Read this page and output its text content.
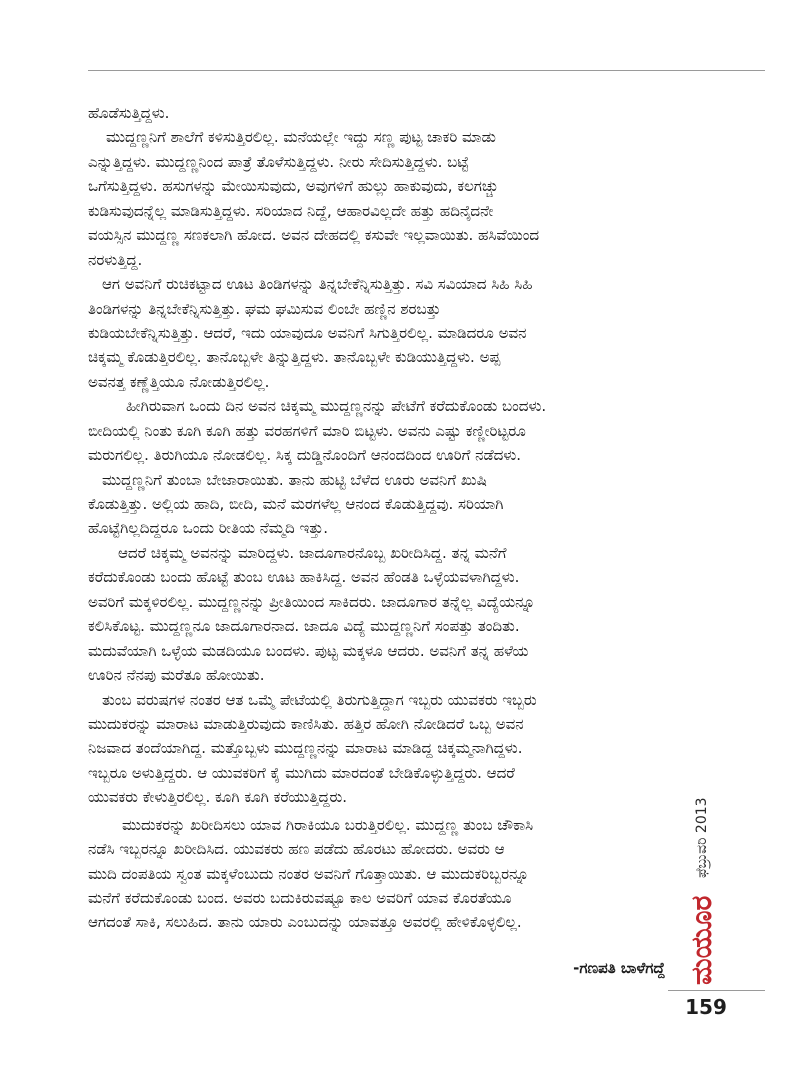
ಹೊಡೆಸುತ್ತಿದ್ದಳು.
ಮುದ್ದಣ್ಣನಿಗೆ ಶಾಲೆಗೆ ಕಳಿಸುತ್ತಿರಲಿಲ್ಲ. ಮನೆಯಲ್ಲೇ ಇದ್ದು ಸಣ್ಣ ಪುಟ್ಟ ಚಾಕರಿ ಮಾಡು
ಎನ್ನುತ್ತಿದ್ದಳು. ಮುದ್ದಣ್ಣನಿಂದ ಪಾತ್ರೆ ತೊಳೆಸುತ್ತಿದ್ದಳು. ನೀರು ಸೇದಿಸುತ್ತಿದ್ದಳು. ಬಟ್ಟೆ
ಒಗೆಸುತ್ತಿದ್ದಳು. ಹಸುಗಳನ್ನು ಮೇಯಿಸುವುದು, ಅವುಗಳಿಗೆ ಹುಲ್ಲು ಹಾಕುವುದು, ಕಲಗಚ್ಚು
ಕುಡಿಸುವುದನ್ನೆಲ್ಲ ಮಾಡಿಸುತ್ತಿದ್ದಳು. ಸರಿಯಾದ ನಿದ್ದೆ, ಆಹಾರವಿಲ್ಲದೇ ಹತ್ತು ಹದಿನೈದನೇ
ವಯಸ್ಸಿನ ಮುದ್ದಣ್ಣ ಸಣಕಲಾಗಿ ಹೋದ. ಅವನ ದೇಹದಲ್ಲಿ ಕಸುವೇ ಇಲ್ಲವಾಯಿತು. ಹಸಿವೆಯಿಂದ
ನರಳುತ್ತಿದ್ದ.
ಆಗ ಅವನಿಗೆ ರುಚಿಕಟ್ಟಾದ ಊಟ ತಿಂಡಿಗಳನ್ನು ತಿನ್ನಬೇಕೆನ್ನಿಸುತ್ತಿತ್ತು. ಸವಿ ಸವಿಯಾದ ಸಿಹಿ ಸಿಹಿ
ತಿಂಡಿಗಳನ್ನು ತಿನ್ನಬೇಕೆನ್ನಿಸುತ್ತಿತ್ತು. ಘಮ ಘಮಿಸುವ ಲಿಂಬೇ ಹಣ್ಣಿನ ಶರಬತ್ತು
ಕುಡಿಯಬೇಕೆನ್ನಿಸುತ್ತಿತ್ತು. ಆದರೆ, ಇದು ಯಾವುದೂ ಅವನಿಗೆ ಸಿಗುತ್ತಿರಲಿಲ್ಲ. ಮಾಡಿದರೂ ಅವನ
ಚಿಕ್ಕಮ್ಮ ಕೊಡುತ್ತಿರಲಿಲ್ಲ. ತಾನೊಬ್ಬಳೇ ತಿನ್ನುತ್ತಿದ್ದಳು. ತಾನೊಬ್ಬಳೇ ಕುಡಿಯುತ್ತಿದ್ದಳು. ಅಪ್ಪ
ಅವನತ್ತ ಕಣ್ಣೆತ್ತಿಯೂ ನೋಡುತ್ತಿರಲಿಲ್ಲ.
ಹೀಗಿರುವಾಗ ಒಂದು ದಿನ ಅವನ ಚಿಕ್ಕಮ್ಮ ಮುದ್ದಣ್ಣನನ್ನು ಪೇಟೆಗೆ ಕರೆದುಕೊಂಡು ಬಂದಳು.
ಬೀದಿಯಲ್ಲಿ ನಿಂತು ಕೂಗಿ ಕೂಗಿ ಹತ್ತು ವರಹಗಳಿಗೆ ಮಾರಿ ಬಿಟ್ಟಳು. ಅವನು ಎಷ್ಟು ಕಣ್ಣೀರಿಟ್ಟರೂ
ಮರುಗಲಿಲ್ಲ. ತಿರುಗಿಯೂ ನೋಡಲಿಲ್ಲ. ಸಿಕ್ಕ ದುಡ್ಡಿನೊಂದಿಗೆ ಆನಂದದಿಂದ ಊರಿಗೆ ನಡೆದಳು.
ಮುದ್ದಣ್ಣನಿಗೆ ತುಂಬಾ ಬೇಜಾರಾಯಿತು. ತಾನು ಹುಟ್ಟಿ ಬೆಳೆದ ಊರು ಅವನಿಗೆ ಖುಷಿ
ಕೊಡುತ್ತಿತ್ತು. ಅಲ್ಲಿಯ ಹಾದಿ, ಬೀದಿ, ಮನೆ ಮರಗಳೆಲ್ಲ ಆನಂದ ಕೊಡುತ್ತಿದ್ದವು. ಸರಿಯಾಗಿ
ಹೊಟ್ಟೆಗಿಲ್ಲದಿದ್ದರೂ ಒಂದು ರೀತಿಯ ನೆಮ್ಮದಿ ಇತ್ತು.
ಆದರೆ ಚಿಕ್ಕಮ್ಮ ಅವನನ್ನು ಮಾರಿದ್ದಳು. ಜಾದೂಗಾರನೊಬ್ಬ ಖರೀದಿಸಿದ್ದ. ತನ್ನ ಮನೆಗೆ
ಕರೆದುಕೊಂಡು ಬಂದು ಹೊಟ್ಟೆ ತುಂಬ ಊಟ ಹಾಕಿಸಿದ್ದ. ಅವನ ಹೆಂಡತಿ ಒಳ್ಳೆಯವಳಾಗಿದ್ದಳು.
ಅವರಿಗೆ ಮಕ್ಕಳಿರಲಿಲ್ಲ. ಮುದ್ದಣ್ಣನನ್ನು ಪ್ರೀತಿಯಿಂದ ಸಾಕಿದರು. ಜಾದೂಗಾರ ತನ್ನೆಲ್ಲ ವಿದ್ಯೆಯನ್ನೂ
ಕಲಿಸಿಕೊಟ್ಟ. ಮುದ್ದಣ್ಣನೂ ಜಾದೂಗಾರನಾದ. ಜಾದೂ ವಿದ್ಯೆ ಮುದ್ದಣ್ಣನಿಗೆ ಸಂಪತ್ತು ತಂದಿತು.
ಮದುವೆಯಾಗಿ ಒಳ್ಳೆಯ ಮಡದಿಯೂ ಬಂದಳು. ಪುಟ್ಟ ಮಕ್ಕಳೂ ಆದರು. ಅವನಿಗೆ ತನ್ನ ಹಳೆಯ
ಊರಿನ ನೆನಪು ಮರೆತೂ ಹೋಯಿತು.
ತುಂಬ ವರುಷಗಳ ನಂತರ ಆತ ಒಮ್ಮೆ ಪೇಟೆಯಲ್ಲಿ ತಿರುಗುತ್ತಿದ್ದಾಗ ಇಬ್ಬರು ಯುವಕರು ಇಬ್ಬರು
ಮುದುಕರನ್ನು ಮಾರಾಟ ಮಾಡುತ್ತಿರುವುದು ಕಾಣಿಸಿತು. ಹತ್ತಿರ ಹೋಗಿ ನೋಡಿದರೆ ಒಬ್ಬ ಅವನ
ನಿಜವಾದ ತಂದೆಯಾಗಿದ್ದ. ಮತ್ತೊಬ್ಬಳು ಮುದ್ದಣ್ಣನನ್ನು ಮಾರಾಟ ಮಾಡಿದ್ದ ಚಿಕ್ಕಮ್ಮನಾಗಿದ್ದಳು.
ಇಬ್ಬರೂ ಅಳುತ್ತಿದ್ದರು. ಆ ಯುವಕರಿಗೆ ಕೈ ಮುಗಿದು ಮಾರದಂತೆ ಬೇಡಿಕೊಳ್ಳುತ್ತಿದ್ದರು. ಆದರೆ
ಯುವಕರು ಕೇಳುತ್ತಿರಲಿಲ್ಲ. ಕೂಗಿ ಕೂಗಿ ಕರೆಯುತ್ತಿದ್ದರು.
ಮುದುಕರನ್ನು ಖರೀದಿಸಲು ಯಾವ ಗಿರಾಕಿಯೂ ಬರುತ್ತಿರಲಿಲ್ಲ. ಮುದ್ದಣ್ಣ ತುಂಬ ಚೌಕಾಸಿ
ನಡೆಸಿ ಇಬ್ಬರನ್ನೂ ಖರೀದಿಸಿದ. ಯುವಕರು ಹಣ ಪಡೆದು ಹೊರಟು ಹೋದರು. ಅವರು ಆ
ಮುದಿ ದಂಪತಿಯ ಸ್ವಂತ ಮಕ್ಕಳೆಂಬುದು ನಂತರ ಅವನಿಗೆ ಗೊತ್ತಾಯಿತು. ಆ ಮುದುಕರಿಬ್ಬರನ್ನೂ
ಮನೆಗೆ ಕರೆದುಕೊಂಡು ಬಂದ. ಅವರು ಬದುಕಿರುವಷ್ಟೂ ಕಾಲ ಅವರಿಗೆ ಯಾವ ಕೊರತೆಯೂ
ಆಗದಂತೆ ಸಾಕಿ, ಸಲುಹಿದ. ತಾನು ಯಾರು ಎಂಬುದನ್ನು ಯಾವತ್ತೂ ಅವರಲ್ಲಿ ಹೇಳಿಕೊಳ್ಳಲಿಲ್ಲ.
-ಗಣಪತಿ ಬಾಳೆಗದ್ದೆ
ಫೆಬ್ರುವರಿ 2013
ಮಯೂರ
159
